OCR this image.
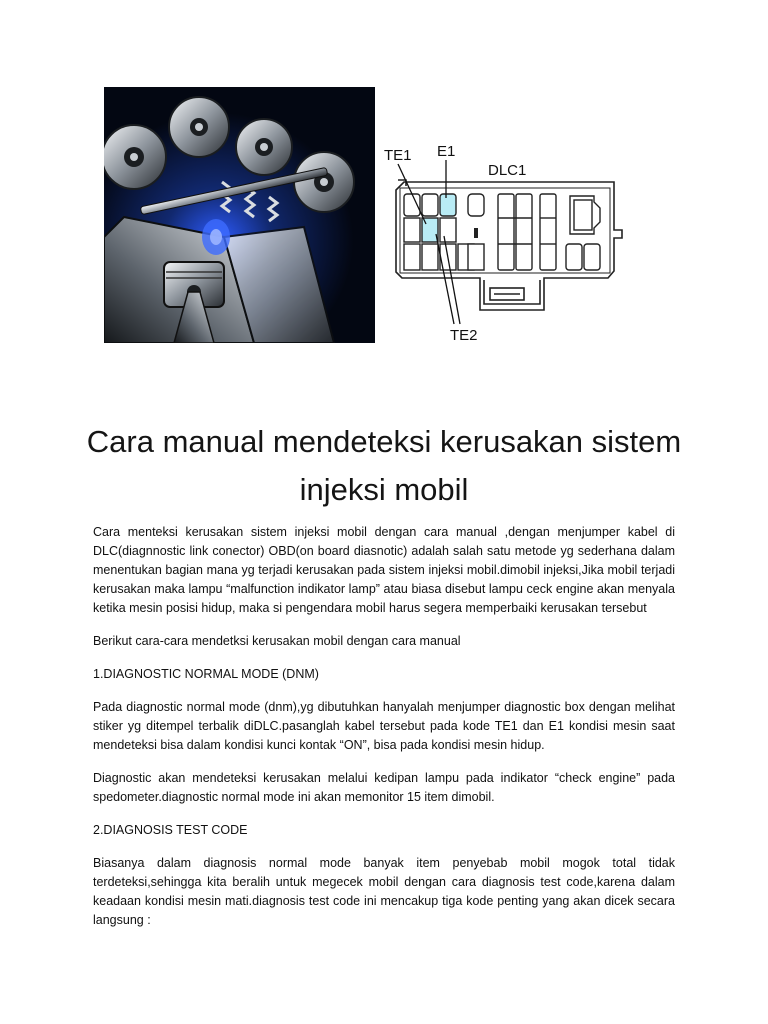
TE1 E1
DLC1
TE2
Cara manual mendeteksi kerusakan sistem injeksi mobil

Cara menteksi kerusakan sistem injeksi mobil dengan cara manual ,dengan menjumper kabel di DLC(diagnnostic link conector) OBD(on board diasnotic) adalah salah satu metode yg sederhana dalam menentukan bagian mana yg terjadi kerusakan pada sistem injeksi mobil.dimobil injeksi,Jika mobil terjadi kerusakan maka lampu “malfunction indikator lamp” atau biasa disebut lampu ceck engine akan menyala ketika mesin posisi hidup, maka si pengendara mobil harus segera memperbaiki kerusakan tersebut

Berikut cara-cara mendetksi kerusakan mobil dengan cara manual

1.DIAGNOSTIC NORMAL MODE (DNM)

Pada diagnostic normal mode (dnm),yg dibutuhkan hanyalah menjumper diagnostic box dengan melihat stiker yg ditempel terbalik diDLC.pasanglah kabel tersebut pada kode TE1 dan E1 kondisi mesin saat mendeteksi bisa dalam kondisi kunci kontak “ON”, bisa pada kondisi mesin hidup.

Diagnostic akan mendeteksi kerusakan melalui kedipan lampu pada indikator “check engine” pada spedometer.diagnostic normal mode ini akan memonitor 15 item dimobil.

2.DIAGNOSIS TEST CODE

Biasanya dalam diagnosis normal mode banyak item penyebab mobil mogok total tidak terdeteksi,sehingga kita beralih untuk megecek mobil dengan cara diagnosis test code,karena dalam keadaan kondisi mesin mati.diagnosis test code ini mencakup tiga kode penting yang akan dicek secara langsung :
